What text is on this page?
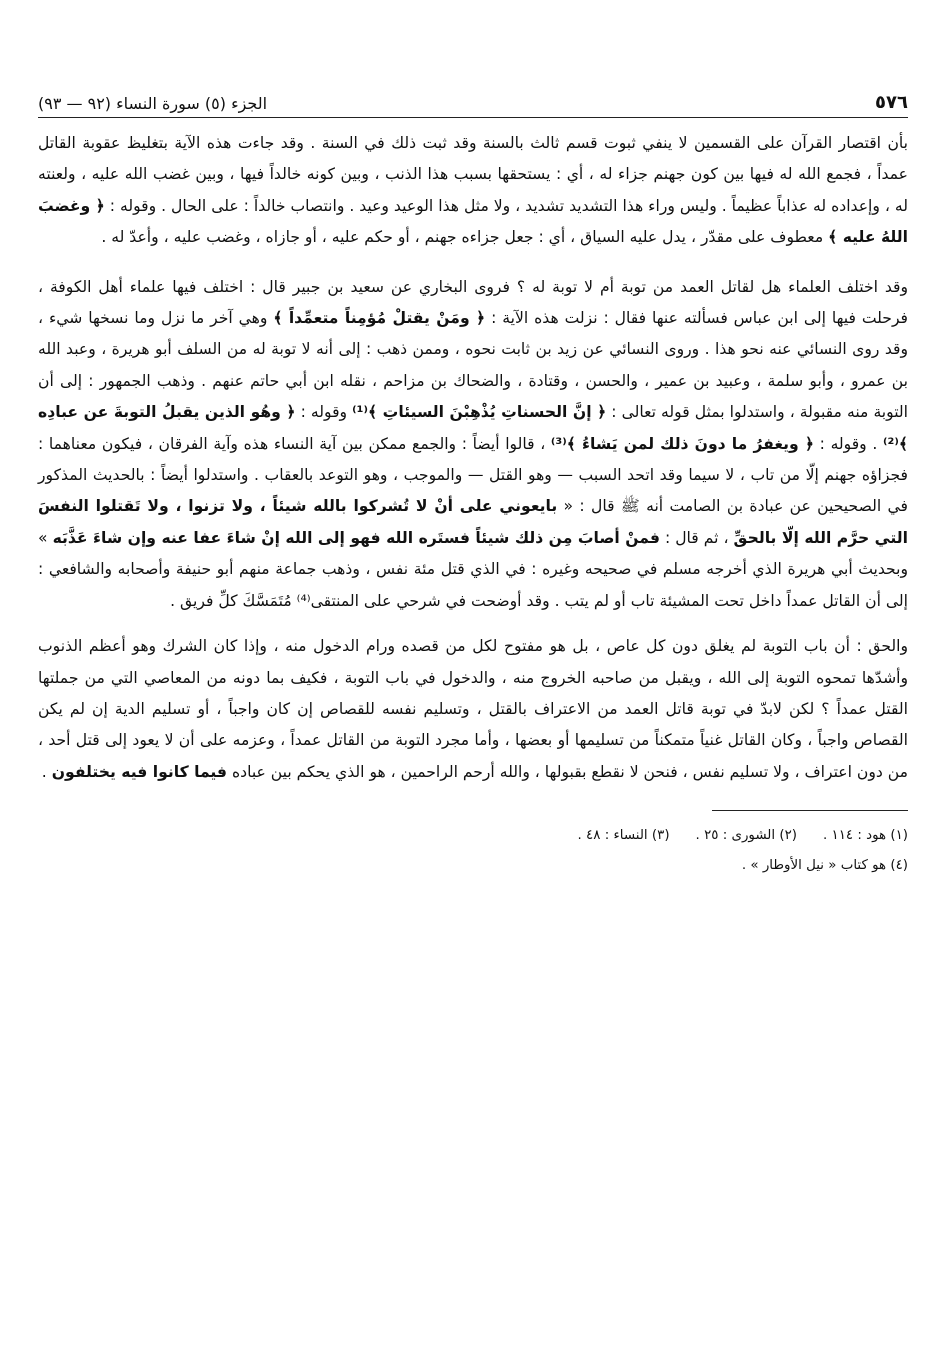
٥٧٦
الجزء (٥) سورة النساء (٩٢ — ٩٣)

بأن اقتصار القرآن على القسمين لا ينفي ثبوت قسم ثالث بالسنة وقد ثبت ذلك في السنة . وقد جاءت هذه الآية بتغليظ عقوبة القاتل عمداً ، فجمع الله له فيها بين كون جهنم جزاء له ، أي : يستحقها بسبب هذا الذنب ، وبين كونه خالداً فيها ، وبين غضب الله عليه ، ولعنته له ، وإعداده له عذاباً عظيماً . وليس وراء هذا التشديد تشديد ، ولا مثل هذا الوعيد وعيد . وانتصاب خالداً : على الحال . وقوله : ﴿ وغضبَ اللهُ عليه ﴾ معطوف على مقدّر ، يدل عليه السياق ، أي : جعل جزاءه جهنم ، أو حكم عليه ، أو جازاه ، وغضب عليه ، وأعدّ له .

وقد اختلف العلماء هل لقاتل العمد من توبة أم لا توبة له ؟ فروى البخاري عن سعيد بن جبير قال : اختلف فيها علماء أهل الكوفة ، فرحلت فيها إلى ابن عباس فسألته عنها فقال : نزلت هذه الآية : ﴿ ومَنْ يقتلْ مُؤمِناً متعمِّداً ﴾ وهي آخر ما نزل وما نسخها شيء ، وقد روى النسائي عنه نحو هذا . وروى النسائي عن زيد بن ثابت نحوه ، وممن ذهب : إلى أنه لا توبة له من السلف أبو هريرة ، وعبد الله بن عمرو ، وأبو سلمة ، وعبيد بن عمير ، والحسن ، وقتادة ، والضحاك بن مزاحم ، نقله ابن أبي حاتم عنهم . وذهب الجمهور : إلى أن التوبة منه مقبولة ، واستدلوا بمثل قوله تعالى : ﴿ إنَّ الحسناتِ يُذْهِبْنَ السيئاتِ ﴾⁽¹⁾ وقوله : ﴿ وهُو الذين يقبلُ التوبةَ عن عبادِه ﴾⁽²⁾ . وقوله : ﴿ ويغفرُ ما دونَ ذلك لمن يَشاءُ ﴾⁽³⁾ ، قالوا أيضاً : والجمع ممكن بين آية النساء هذه وآية الفرقان ، فيكون معناهما : فجزاؤه جهنم إلّا من تاب ، لا سيما وقد اتحد السبب — وهو القتل — والموجب ، وهو التوعد بالعقاب . واستدلوا أيضاً : بالحديث المذكور في الصحيحين عن عبادة بن الصامت أنه ﷺ قال : « بايعوني على أنْ لا تُشركوا بالله شيئاً ، ولا تزنوا ، ولا تَقتلوا النفسَ التي حرَّم الله إلّا بالحقِّ ، ثم قال : فمنْ أصابَ مِن ذلك شيئاً فستَره الله فهو إلى الله إنْ شاءَ عفا عنه وإن شاءَ عَذَّبَه » وبحديث أبي هريرة الذي أخرجه مسلم في صحيحه وغيره : في الذي قتل مئة نفس ، وذهب جماعة منهم أبو حنيفة وأصحابه والشافعي : إلى أن القاتل عمداً داخل تحت المشيئة تاب أو لم يتب . وقد أوضحت في شرحي على المنتقى⁽⁴⁾ مُتَمَسَّكَ كلِّ فريق .

والحق : أن باب التوبة لم يغلق دون كل عاص ، بل هو مفتوح لكل من قصده ورام الدخول منه ، وإذا كان الشرك وهو أعظم الذنوب وأشدّها تمحوه التوبة إلى الله ، ويقبل من صاحبه الخروج منه ، والدخول في باب التوبة ، فكيف بما دونه من المعاصي التي من جملتها القتل عمداً ؟ لكن لابدّ في توبة قاتل العمد من الاعتراف بالقتل ، وتسليم نفسه للقصاص إن كان واجباً ، أو تسليم الدية إن لم يكن القصاص واجباً ، وكان القاتل غنياً متمكناً من تسليمها أو بعضها ، وأما مجرد التوبة من القاتل عمداً ، وعزمه على أن لا يعود إلى قتل أحد ، من دون اعتراف ، ولا تسليم نفس ، فنحن لا نقطع بقبولها ، والله أرحم الراحمين ، هو الذي يحكم بين عباده فيما كانوا فيه يختلفون .

(١) هود : ١١٤ .
(٢) الشورى : ٢٥ .
(٣) النساء : ٤٨ .
(٤) هو كتاب « نيل الأوطار » .
